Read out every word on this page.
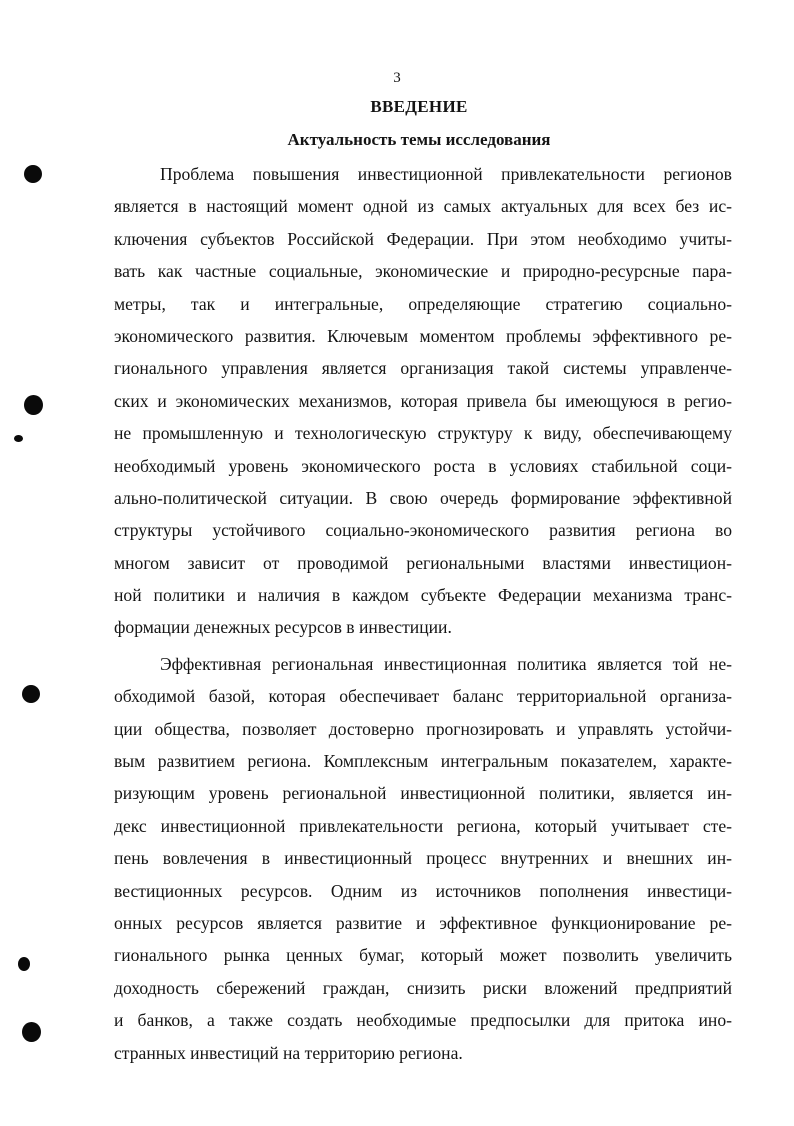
3
ВВЕДЕНИЕ
Актуальность темы исследования
Проблема повышения инвестиционной привлекательности регионов
является в настоящий момент одной из самых актуальных для всех без ис-
ключения субъектов Российской Федерации. При этом необходимо учиты-
вать как частные социальные, экономические и природно-ресурсные пара-
метры, так и интегральные, определяющие стратегию социально-
экономического развития. Ключевым моментом проблемы эффективного ре-
гионального управления является организация такой системы управленче-
ских и экономических механизмов, которая привела бы имеющуюся в регио-
не промышленную и технологическую структуру к виду, обеспечивающему
необходимый уровень экономического роста в условиях стабильной соци-
ально-политической ситуации. В свою очередь формирование эффективной
структуры устойчивого социально-экономического развития региона во
многом зависит от проводимой региональными властями инвестицион-
ной политики и наличия в каждом субъекте Федерации механизма транс-
формации денежных ресурсов в инвестиции.
Эффективная региональная инвестиционная политика является той не-
обходимой базой, которая обеспечивает баланс территориальной организа-
ции общества, позволяет достоверно прогнозировать и управлять устойчи-
вым развитием региона. Комплексным интегральным показателем, характе-
ризующим уровень региональной инвестиционной политики, является ин-
декс инвестиционной привлекательности региона, который учитывает сте-
пень вовлечения в инвестиционный процесс внутренних и внешних ин-
вестиционных ресурсов. Одним из источников пополнения инвестици-
онных ресурсов является развитие и эффективное функционирование ре-
гионального рынка ценных бумаг, который может позволить увеличить
доходность сбережений граждан, снизить риски вложений предприятий
и банков, а также создать необходимые предпосылки для притока ино-
странных инвестиций на территорию региона.
